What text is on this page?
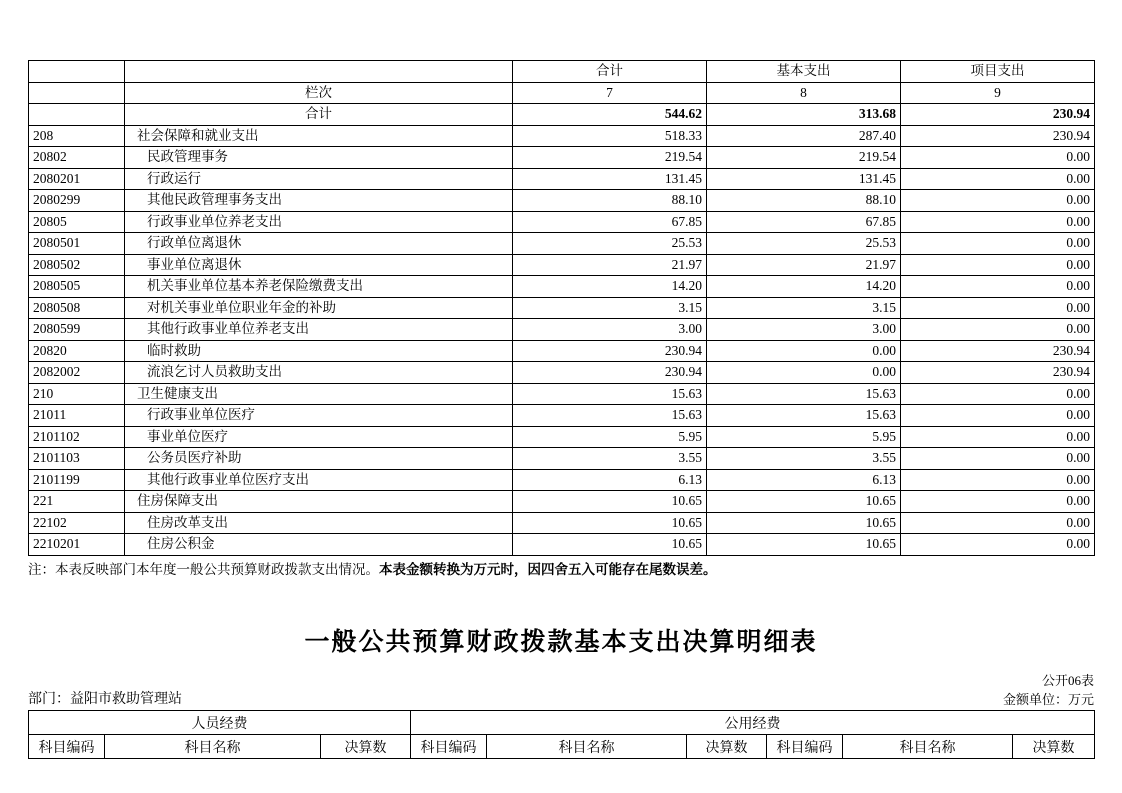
		合计	基本支出	项目支出
	栏次	7	8	9
	合计	544.62	313.68	230.94
208	社会保障和就业支出	518.33	287.40	230.94
20802	民政管理事务	219.54	219.54	0.00
2080201	行政运行	131.45	131.45	0.00
2080299	其他民政管理事务支出	88.10	88.10	0.00
20805	行政事业单位养老支出	67.85	67.85	0.00
2080501	行政单位离退休	25.53	25.53	0.00
2080502	事业单位离退休	21.97	21.97	0.00
2080505	机关事业单位基本养老保险缴费支出	14.20	14.20	0.00
2080508	对机关事业单位职业年金的补助	3.15	3.15	0.00
2080599	其他行政事业单位养老支出	3.00	3.00	0.00
20820	临时救助	230.94	0.00	230.94
2082002	流浪乞讨人员救助支出	230.94	0.00	230.94
210	卫生健康支出	15.63	15.63	0.00
21011	行政事业单位医疗	15.63	15.63	0.00
2101102	事业单位医疗	5.95	5.95	0.00
2101103	公务员医疗补助	3.55	3.55	0.00
2101199	其他行政事业单位医疗支出	6.13	6.13	0.00
221	住房保障支出	10.65	10.65	0.00
22102	住房改革支出	10.65	10.65	0.00
2210201	住房公积金	10.65	10.65	0.00
注：本表反映部门本年度一般公共预算财政拨款支出情况。本表金额转换为万元时，因四舍五入可能存在尾数误差。
一般公共预算财政拨款基本支出决算明细表
公开06表
部门：益阳市救助管理站	金额单位：万元
人员经费			公用经费					
科目编码	科目名称	决算数	科目编码	科目名称	决算数	科目编码	科目名称	决算数
